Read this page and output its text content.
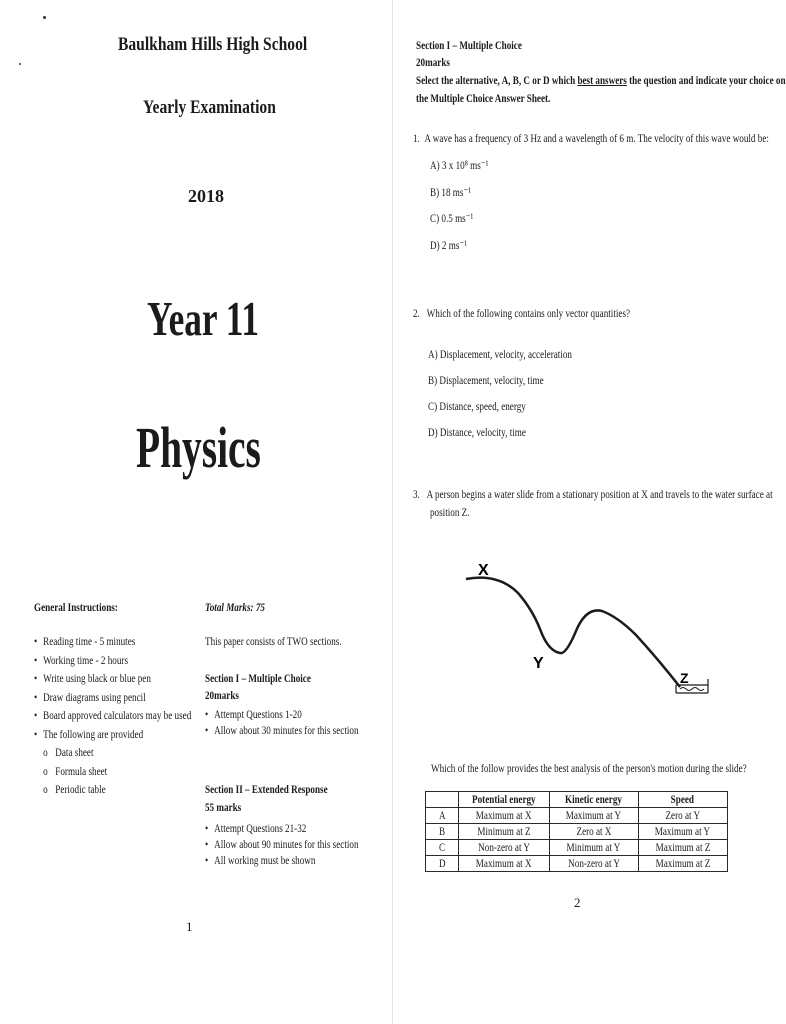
Baulkham Hills High School
Yearly Examination
2018
Year 11
Physics
General Instructions:
• Reading time - 5 minutes
• Working time - 2 hours
• Write using black or blue pen
• Draw diagrams using pencil
• Board approved calculators may be used
• The following are provided
o Data sheet
o Formula sheet
o Periodic table
Total Marks: 75
This paper consists of TWO sections.
Section I – Multiple Choice
20marks
• Attempt Questions 1-20
• Allow about 30 minutes for this section
Section II – Extended Response
55 marks
• Attempt Questions 21-32
• Allow about 90 minutes for this section
• All working must be shown
1
Section I – Multiple Choice
20marks
Select the alternative, A, B, C or D which best answers the question and indicate your choice on
the Multiple Choice Answer Sheet.
1. A wave has a frequency of 3 Hz and a wavelength of 6 m. The velocity of this wave would be:
A) 3 x 10⁸ ms⁻¹
B) 18 ms⁻¹
C) 0.5 ms⁻¹
D) 2 ms⁻¹
2. Which of the following contains only vector quantities?
A) Displacement, velocity, acceleration
B) Displacement, velocity, time
C) Distance, speed, energy
D) Distance, velocity, time
3. A person begins a water slide from a stationary position at X and travels to the water surface at
position Z.
X
Y
Z
Which of the follow provides the best analysis of the person's motion during the slide?
	Potential energy	Kinetic energy	Speed
A	Maximum at X	Maximum at Y	Zero at Y
B	Minimum at Z	Zero at X	Maximum at Y
C	Non-zero at Y	Minimum at Y	Maximum at Z
D	Maximum at X	Non-zero at Y	Maximum at Z
2
